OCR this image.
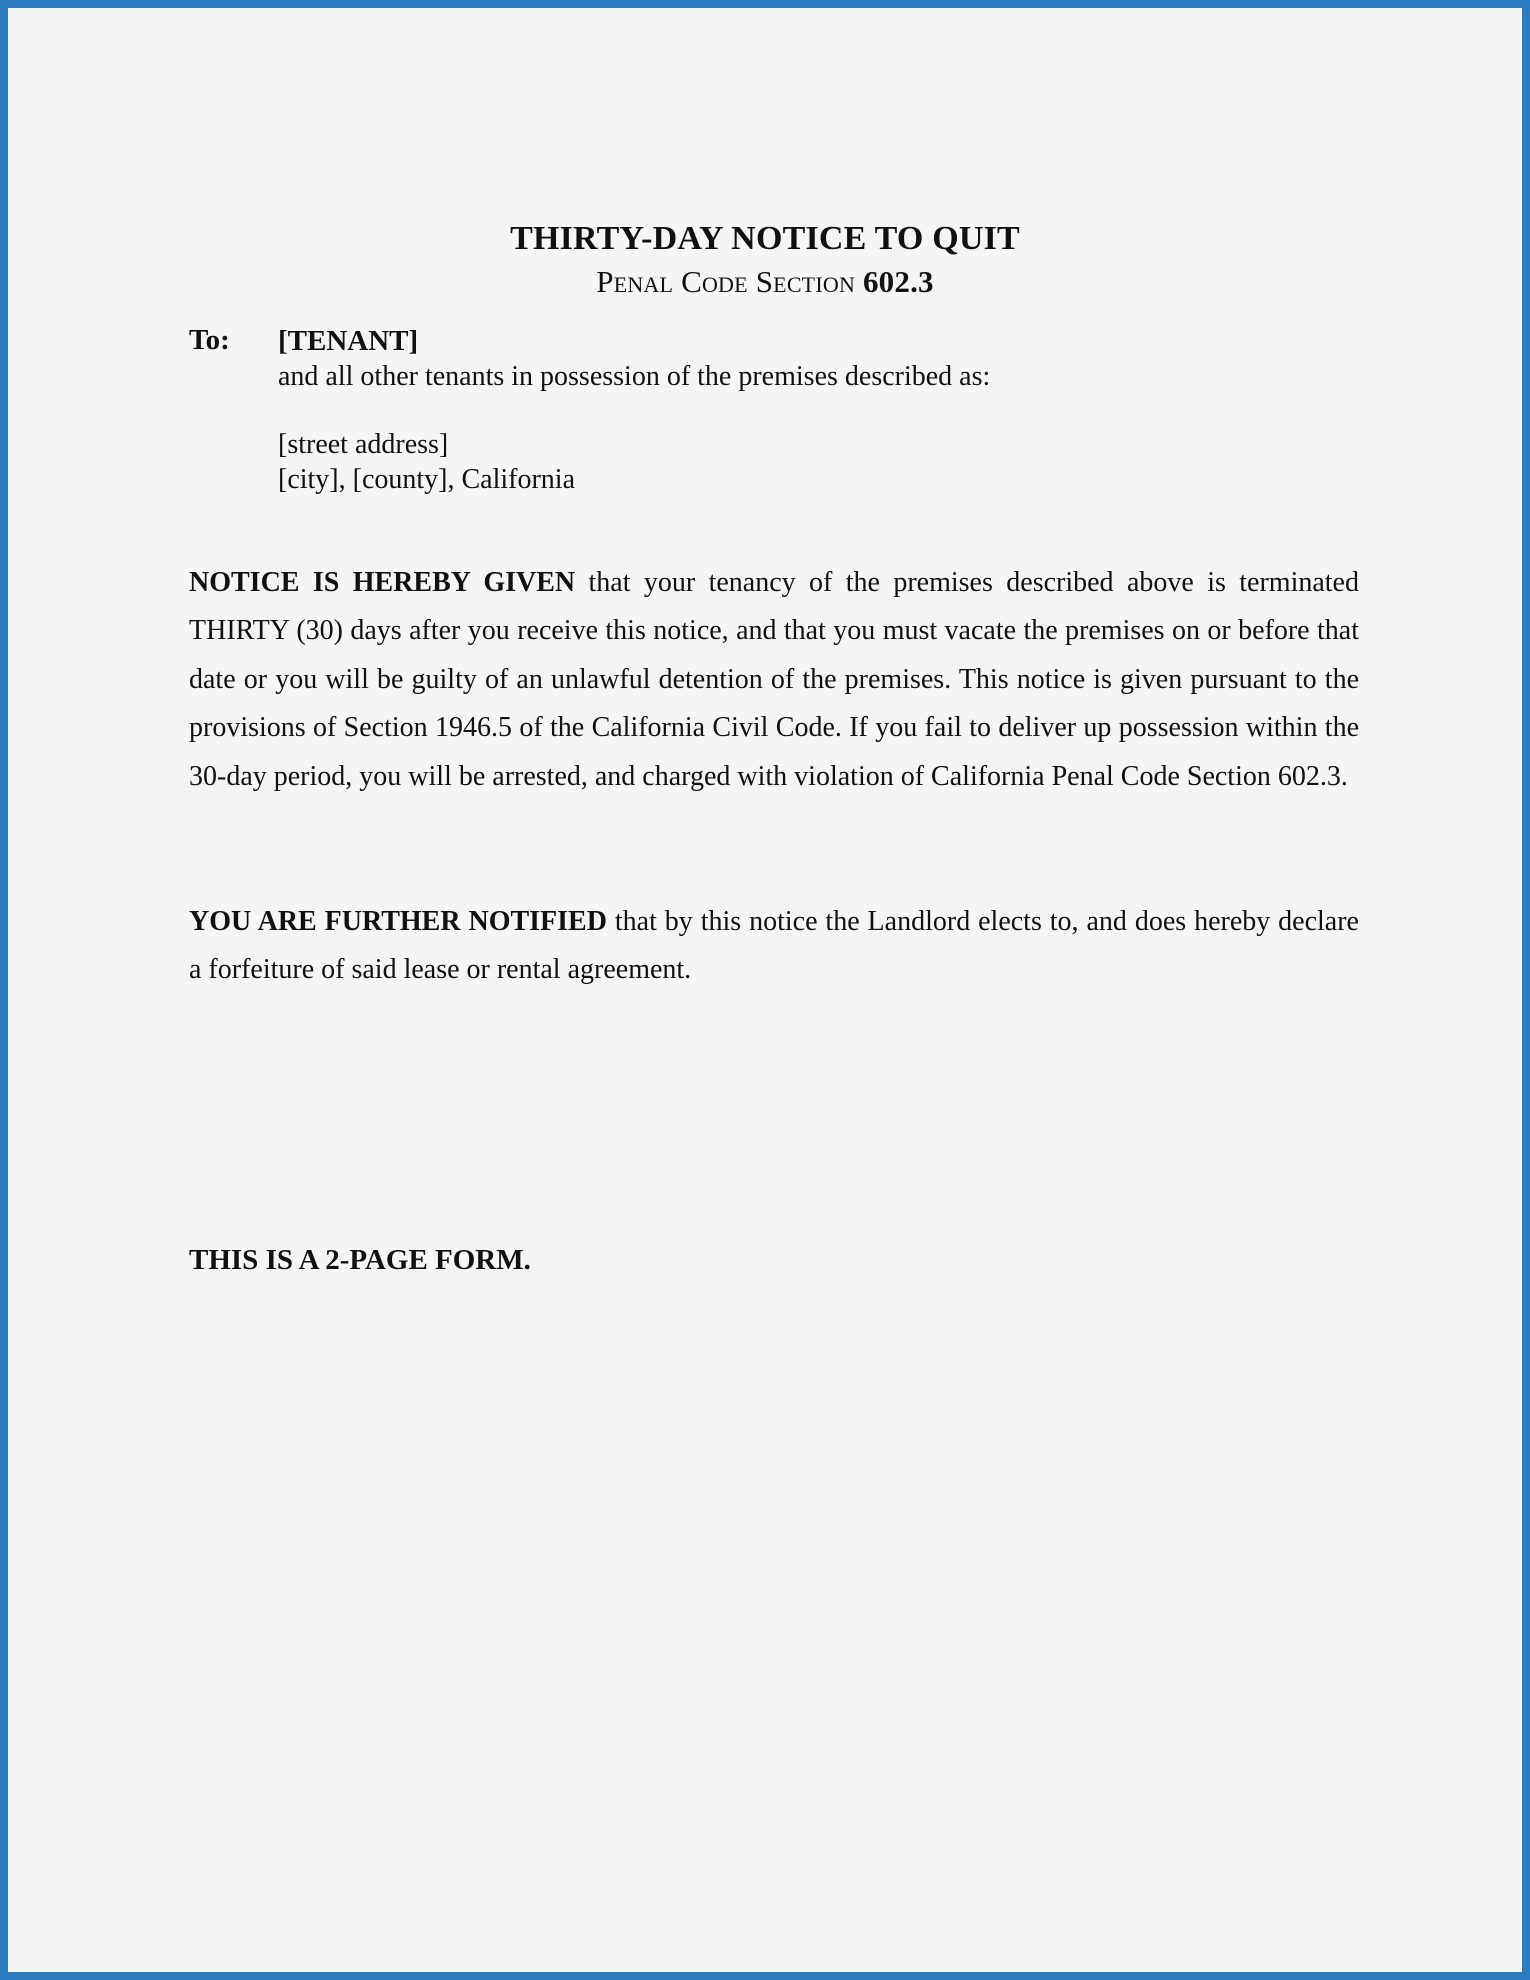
THIRTY-DAY NOTICE TO QUIT
Penal Code Section 602.3
To: [TENANT]
and all other tenants in possession of the premises described as:
[street address]
[city], [county], California
NOTICE IS HEREBY GIVEN that your tenancy of the premises described above is terminated THIRTY (30) days after you receive this notice, and that you must vacate the premises on or before that date or you will be guilty of an unlawful detention of the premises. This notice is given pursuant to the provisions of Section 1946.5 of the California Civil Code. If you fail to deliver up possession within the 30-day period, you will be arrested, and charged with violation of California Penal Code Section 602.3.
YOU ARE FURTHER NOTIFIED that by this notice the Landlord elects to, and does hereby declare a forfeiture of said lease or rental agreement.
THIS IS A 2-PAGE FORM.
